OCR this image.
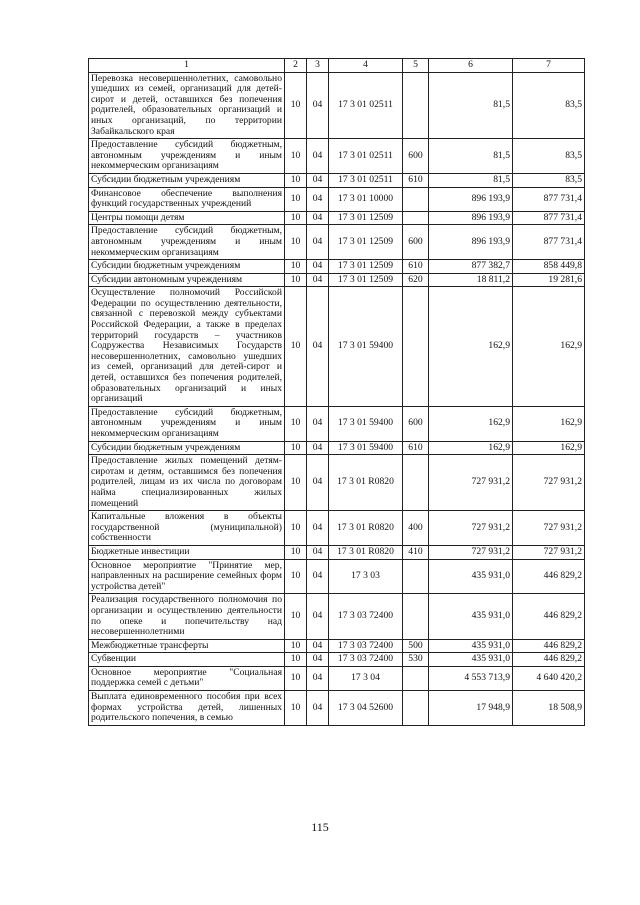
1	2	3	4	5	6	7
Перевозка несовершеннолетних, самовольно ушедших из семей, организаций для детей-сирот и детей, оставшихся без попечения родителей, образовательных организаций и иных организаций, по территории Забайкальского края	10	04	17 3 01 02511		81,5	83,5
Предоставление субсидий бюджетным, автономным учреждениям и иным некоммерческим организациям	10	04	17 3 01 02511	600	81,5	83,5
Субсидии бюджетным учреждениям	10	04	17 3 01 02511	610	81,5	83,5
Финансовое обеспечение выполнения функций государственных учреждений	10	04	17 3 01 10000		896 193,9	877 731,4
Центры помощи детям	10	04	17 3 01 12509		896 193,9	877 731,4
Предоставление субсидий бюджетным, автономным учреждениям и иным некоммерческим организациям	10	04	17 3 01 12509	600	896 193,9	877 731,4
Субсидии бюджетным учреждениям	10	04	17 3 01 12509	610	877 382,7	858 449,8
Субсидии автономным учреждениям	10	04	17 3 01 12509	620	18 811,2	19 281,6
Осуществление полномочий Российской Федерации по осуществлению деятельности, связанной с перевозкой между субъектами Российской Федерации, а также в пределах территорий государств – участников Содружества Независимых Государств несовершеннолетних, самовольно ушедших из семей, организаций для детей-сирот и детей, оставшихся без попечения родителей, образовательных организаций и иных организаций	10	04	17 3 01 59400		162,9	162,9
Предоставление субсидий бюджетным, автономным учреждениям и иным некоммерческим организациям	10	04	17 3 01 59400	600	162,9	162,9
Субсидии бюджетным учреждениям	10	04	17 3 01 59400	610	162,9	162,9
Предоставление жилых помещений детям-сиротам и детям, оставшимся без попечения родителей, лицам из их числа по договорам найма специализированных жилых помещений	10	04	17 3 01 R0820		727 931,2	727 931,2
Капитальные вложения в объекты государственной (муниципальной) собственности	10	04	17 3 01 R0820	400	727 931,2	727 931,2
Бюджетные инвестиции	10	04	17 3 01 R0820	410	727 931,2	727 931,2
Основное мероприятие "Принятие мер, направленных на расширение семейных форм устройства детей"	10	04	17 3 03		435 931,0	446 829,2
Реализация государственного полномочия по организации и осуществлению деятельности по опеке и попечительству над несовершеннолетними	10	04	17 3 03 72400		435 931,0	446 829,2
Межбюджетные трансферты	10	04	17 3 03 72400	500	435 931,0	446 829,2
Субвенции	10	04	17 3 03 72400	530	435 931,0	446 829,2
Основное мероприятие "Социальная поддержка семей с детьми"	10	04	17 3 04		4 553 713,9	4 640 420,2
Выплата единовременного пособия при всех формах устройства детей, лишенных родительского попечения, в семью	10	04	17 3 04 52600		17 948,9	18 508,9
115
